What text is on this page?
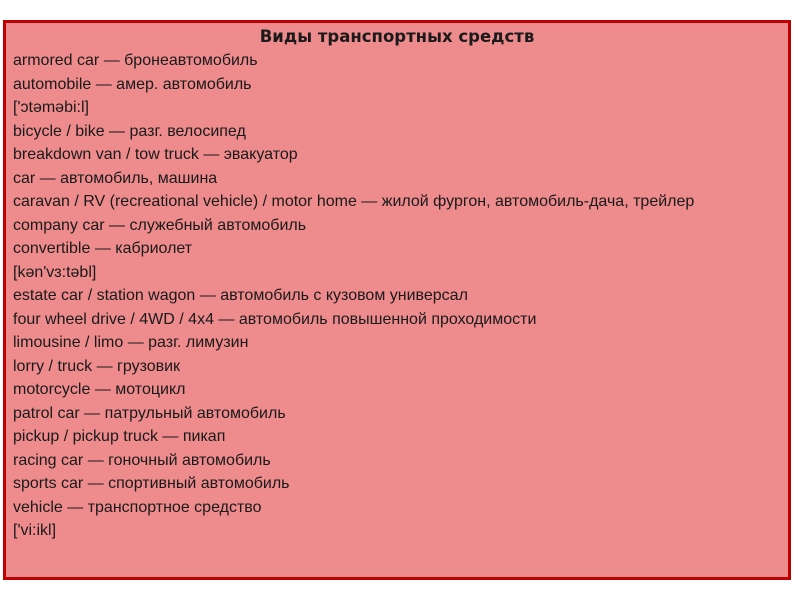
Виды транспортных средств
armored car — бронеавтомобиль
automobile — амер. автомобиль
['ɔtəməbi:l]
bicycle / bike — разг. велосипед
breakdown van / tow truck — эвакуатор
car — автомобиль, машина
caravan / RV (recreational vehicle) / motor home — жилой фургон, автомобиль-дача, трейлер
company car — служебный автомобиль
convertible — кабриолет
[kən'vɜ:təbl]
estate car / station wagon — автомобиль с кузовом универсал
four wheel drive / 4WD / 4x4 — автомобиль повышенной проходимости
limousine / limo — разг. лимузин
lorry / truck — грузовик
motorcycle — мотоцикл
patrol car — патрульный автомобиль
pickup / pickup truck — пикап
racing car — гоночный автомобиль
sports car — спортивный автомобиль
vehicle — транспортное средство
['vi:ikl]
